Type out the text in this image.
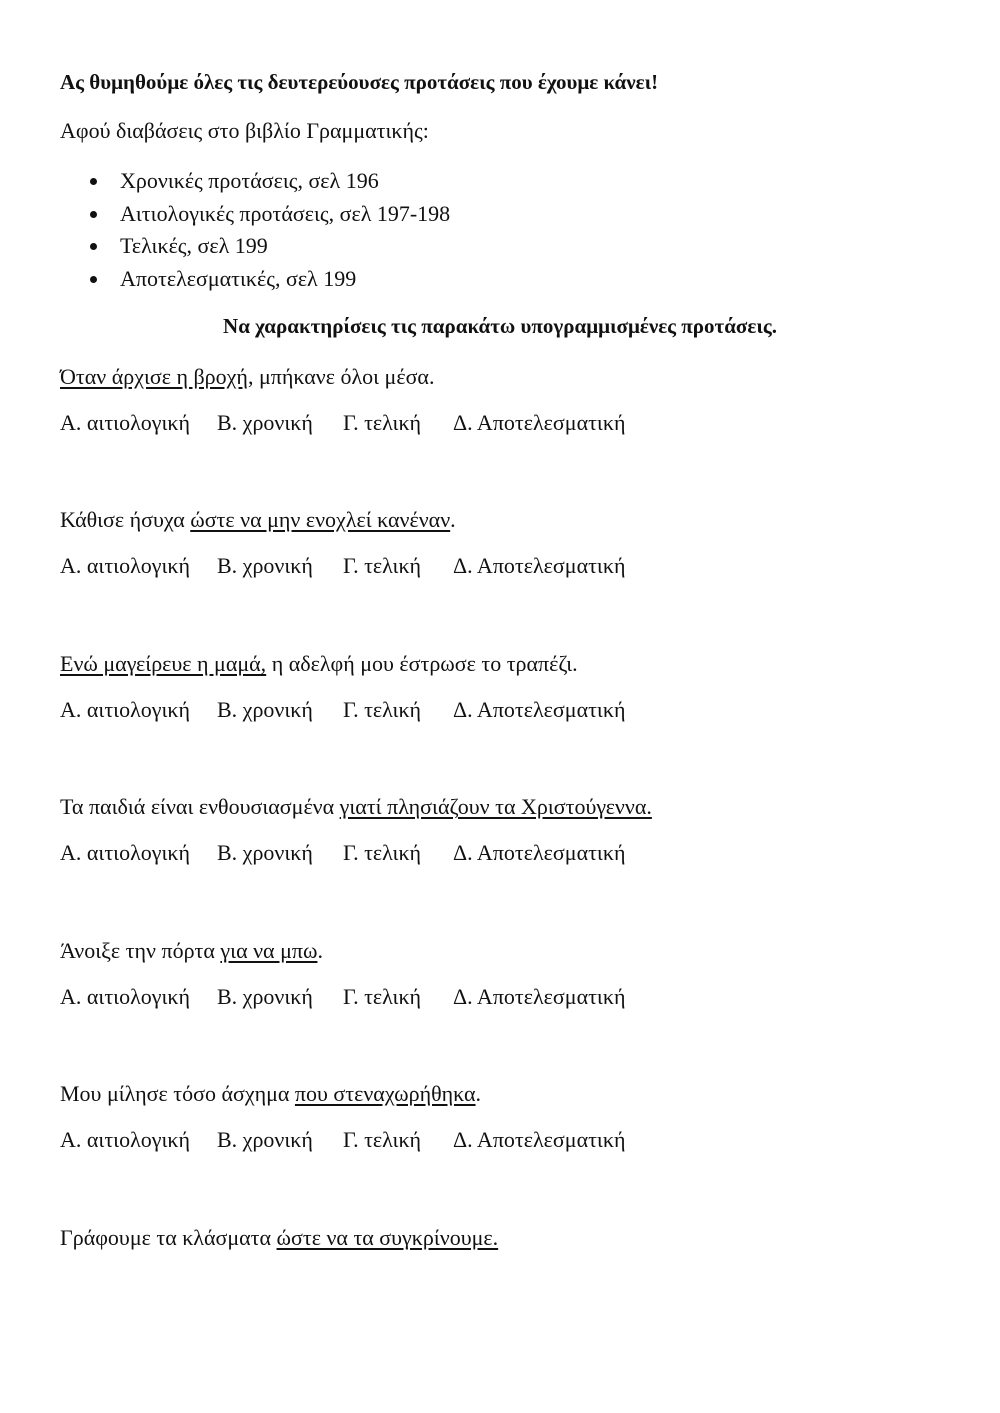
Ας θυμηθούμε όλες τις δευτερεύουσες προτάσεις που έχουμε κάνει!

Αφού διαβάσεις στο βιβλίο Γραμματικής:

Χρονικές προτάσεις, σελ 196
Αιτιολογικές προτάσεις, σελ 197-198
Τελικές, σελ 199
Αποτελεσματικές, σελ 199

Να χαρακτηρίσεις τις παρακάτω υπογραμμισμένες προτάσεις.

Όταν άρχισε η βροχή, μπήκανε όλοι μέσα.

Α. αιτιολογική Β. χρονική Γ. τελική Δ. Αποτελεσματική

Κάθισε ήσυχα ώστε να μην ενοχλεί κανέναν.

Α. αιτιολογική Β. χρονική Γ. τελική Δ. Αποτελεσματική

Ενώ μαγείρευε η μαμά, η αδελφή μου έστρωσε το τραπέζι.

Α. αιτιολογική Β. χρονική Γ. τελική Δ. Αποτελεσματική

Τα παιδιά είναι ενθουσιασμένα γιατί πλησιάζουν τα Χριστούγεννα.

Α. αιτιολογική Β. χρονική Γ. τελική Δ. Αποτελεσματική

Άνοιξε την πόρτα για να μπω.

Α. αιτιολογική Β. χρονική Γ. τελική Δ. Αποτελεσματική

Μου μίλησε τόσο άσχημα που στεναχωρήθηκα.

Α. αιτιολογική Β. χρονική Γ. τελική Δ. Αποτελεσματική

Γράφουμε τα κλάσματα ώστε να τα συγκρίνουμε.
